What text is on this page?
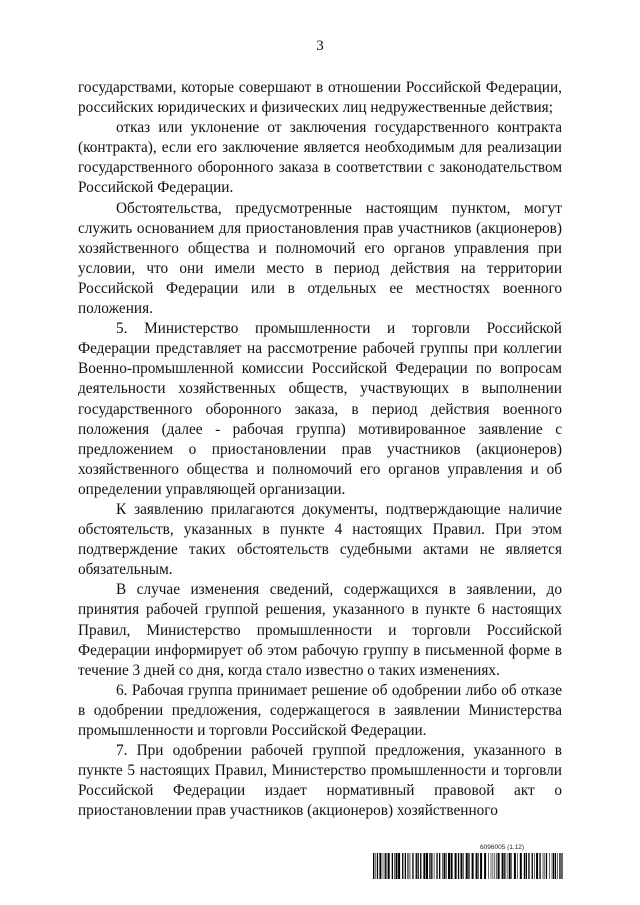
3

государствами, которые совершают в отношении Российской Федерации, российских юридических и физических лиц недружественные действия;

отказ или уклонение от заключения государственного контракта (контракта), если его заключение является необходимым для реализации государственного оборонного заказа в соответствии с законодательством Российской Федерации.

Обстоятельства, предусмотренные настоящим пунктом, могут служить основанием для приостановления прав участников (акционеров) хозяйственного общества и полномочий его органов управления при условии, что они имели место в период действия на территории Российской Федерации или в отдельных ее местностях военного положения.

5. Министерство промышленности и торговли Российской Федерации представляет на рассмотрение рабочей группы при коллегии Военно-промышленной комиссии Российской Федерации по вопросам деятельности хозяйственных обществ, участвующих в выполнении государственного оборонного заказа, в период действия военного положения (далее - рабочая группа) мотивированное заявление с предложением о приостановлении прав участников (акционеров) хозяйственного общества и полномочий его органов управления и об определении управляющей организации.

К заявлению прилагаются документы, подтверждающие наличие обстоятельств, указанных в пункте 4 настоящих Правил. При этом подтверждение таких обстоятельств судебными актами не является обязательным.

В случае изменения сведений, содержащихся в заявлении, до принятия рабочей группой решения, указанного в пункте 6 настоящих Правил, Министерство промышленности и торговли Российской Федерации информирует об этом рабочую группу в письменной форме в течение 3 дней со дня, когда стало известно о таких изменениях.

6. Рабочая группа принимает решение об одобрении либо об отказе в одобрении предложения, содержащегося в заявлении Министерства промышленности и торговли Российской Федерации.

7. При одобрении рабочей группой предложения, указанного в пункте 5 настоящих Правил, Министерство промышленности и торговли Российской Федерации издает нормативный правовой акт о приостановлении прав участников (акционеров) хозяйственного

6096005 (1.12)
